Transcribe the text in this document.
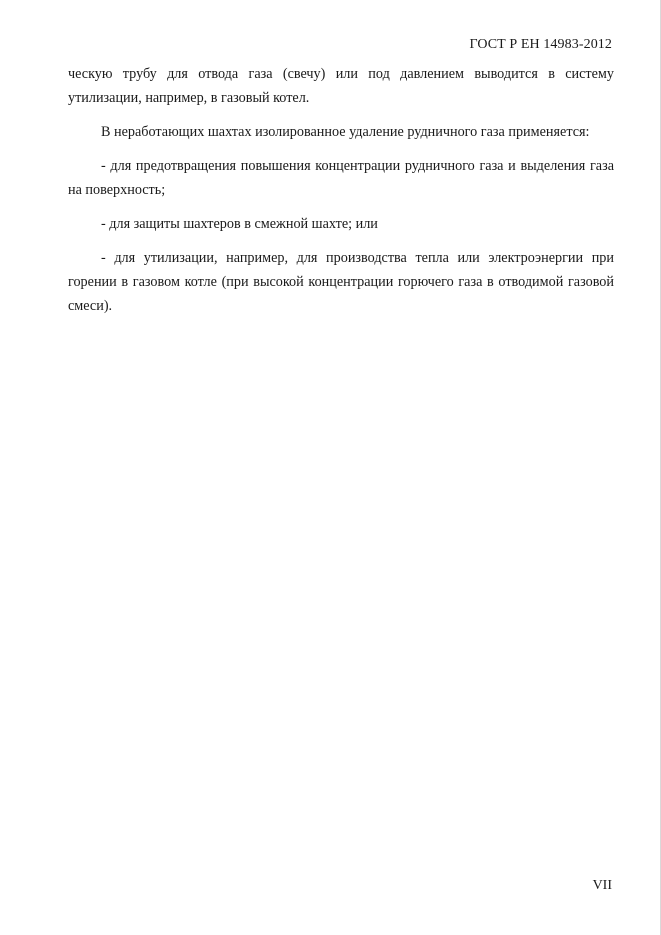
ГОСТ Р ЕН 14983-2012

ческую трубу для отвода газа (свечу) или под давлением выводится в систему утилизации, например, в газовый котел.

В неработающих шахтах изолированное удаление рудничного газа применяется:

- для предотвращения повышения концентрации рудничного газа и выделения газа на поверхность;

- для защиты шахтеров в смежной шахте; или

- для утилизации, например, для производства тепла или электроэнергии при горении в газовом котле (при высокой концентрации горючего газа в отводимой газовой смеси).

VII
